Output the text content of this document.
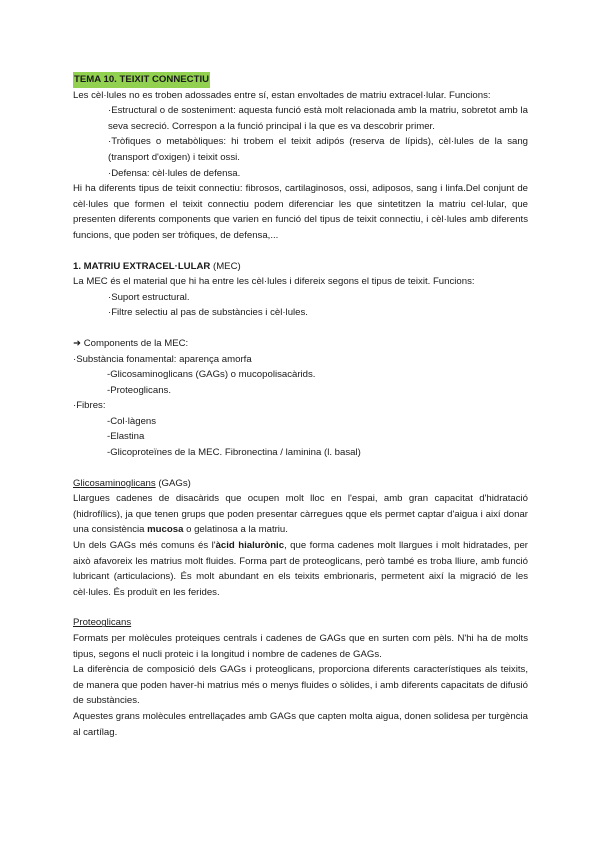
TEMA 10. TEIXIT CONNECTIU

Les cèl·lules no es troben adossades entre sí, estan envoltades de matriu extracel·lular. Funcions:

·Estructural o de sosteniment: aquesta funció està molt relacionada amb la matriu, sobretot amb la seva secreció. Correspon a la funció principal i la que es va descobrir primer.

·Tròfiques o metabòliques: hi trobem el teixit adipós (reserva de lípids), cèl·lules de la sang (transport d'oxigen) i teixit ossi.

·Defensa: cèl·lules de defensa.

Hi ha diferents tipus de teixit connectiu: fibrosos, cartilaginosos, ossi, adiposos, sang i linfa.Del conjunt de cèl·lules que formen el teixit connectiu podem diferenciar les que sintetitzen la matriu cel·lular, que presenten diferents components que varien en funció del tipus de teixit connectiu, i cèl·lules amb diferents funcions, que poden ser tròfiques, de defensa,...

1. MATRIU EXTRACEL·LULAR (MEC)

La MEC és el material que hi ha entre les cèl·lules i difereix segons el tipus de teixit. Funcions:

·Suport estructural.

·Filtre selectiu al pas de substàncies i cèl·lules.

➜ Components de la MEC:

·Substància fonamental: aparença amorfa

-Glicosaminoglicans (GAGs) o mucopolisacàrids.

-Proteoglicans.

·Fibres:

-Col·làgens

-Elastina

-Glicoproteïnes de la MEC. Fibronectina / laminina (l. basal)

Glicosaminoglicans (GAGs)

Llargues cadenes de disacàrids que ocupen molt lloc en l'espai, amb gran capacitat d'hidratació (hidrofílics), ja que tenen grups que poden presentar càrregues qque els permet captar d'aigua i així donar una consistència mucosa o gelatinosa a la matriu.

Un dels GAGs més comuns és l'àcid hialurònic, que forma cadenes molt llargues i molt hidratades, per això afavoreix les matrius molt fluides. Forma part de proteoglicans, però també es troba lliure, amb funció lubricant (articulacions). És molt abundant en els teixits embrionaris, permetent així la migració de les cèl·lules. És produït en les ferides.

Proteoglicans

Formats per molècules proteiques centrals i cadenes de GAGs que en surten com pèls. N'hi ha de molts tipus, segons el nucli proteic i la longitud i nombre de cadenes de GAGs.

La diferència de composició dels GAGs i proteoglicans, proporciona diferents característiques als teixits, de manera que poden haver-hi matrius més o menys fluides o sòlides, i amb diferents capacitats de difusió de substàncies.

Aquestes grans molècules entrellaçades amb GAGs que capten molta aigua, donen solidesa per turgència al cartílag.
